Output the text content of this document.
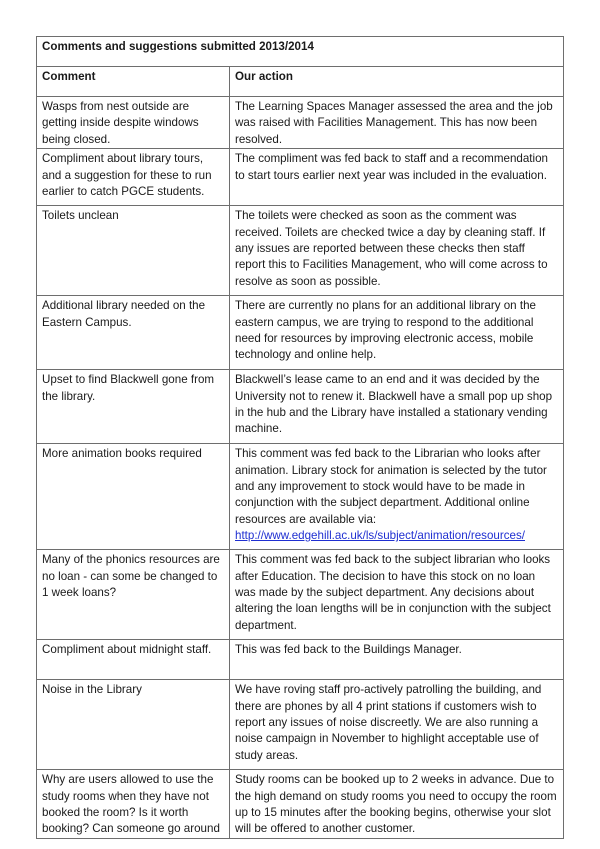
Comments and suggestions submitted 2013/2014	
Comment	Our action
Wasps from nest outside are getting inside despite windows being closed.	The Learning Spaces Manager assessed the area and the job was raised with Facilities Management. This has now been resolved.
Compliment about library tours, and a suggestion for these to run earlier to catch PGCE students.	The compliment was fed back to staff and a recommendation to start tours earlier next year was included in the evaluation.
Toilets unclean	The toilets were checked as soon as the comment was received. Toilets are checked twice a day by cleaning staff. If any issues are reported between these checks then staff report this to Facilities Management, who will come across to resolve as soon as possible.
Additional library needed on the Eastern Campus.	There are currently no plans for an additional library on the eastern campus, we are trying to respond to the additional need for resources by improving electronic access, mobile technology and online help.
Upset to find Blackwell gone from the library.	Blackwell’s lease came to an end and it was decided by the University not to renew it. Blackwell have a small pop up shop in the hub and the Library have installed a stationary vending machine.
More animation books required	This comment was fed back to the Librarian who looks after animation. Library stock for animation is selected by the tutor and any improvement to stock would have to be made in conjunction with the subject department. Additional online resources are available via:
http://www.edgehill.ac.uk/ls/subject/animation/resources/
Many of the phonics resources are no loan - can some be changed to 1 week loans?	This comment was fed back to the subject librarian who looks after Education. The decision to have this stock on no loan was made by the subject department. Any decisions about altering the loan lengths will be in conjunction with the subject department.
Compliment about midnight staff.	This was fed back to the Buildings Manager.
Noise in the Library	We have roving staff pro-actively patrolling the building, and there are phones by all 4 print stations if customers wish to report any issues of noise discreetly. We are also running a noise campaign in November to highlight acceptable use of study areas.
Why are users allowed to use the study rooms when they have not booked the room? Is it worth booking? Can someone go around	Study rooms can be booked up to 2 weeks in advance. Due to the high demand on study rooms you need to occupy the room up to 15 minutes after the booking begins, otherwise your slot will be offered to another customer.
